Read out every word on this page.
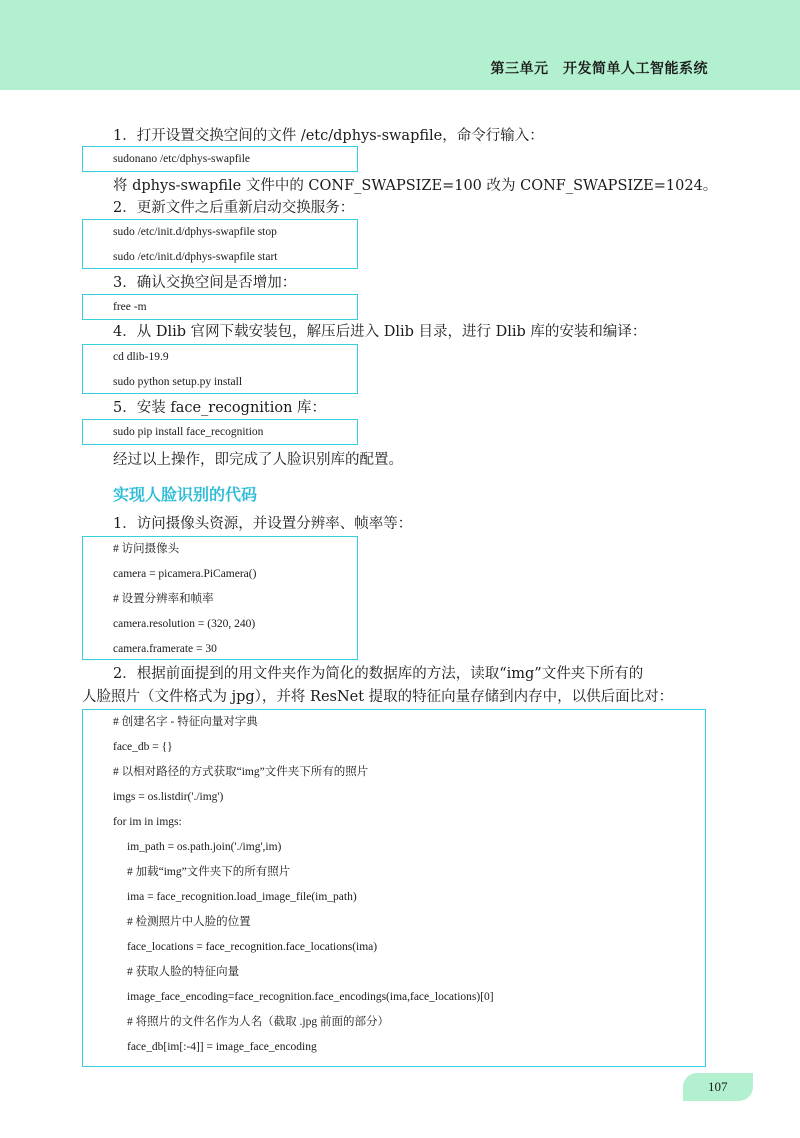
第三单元　开发简单人工智能系统
1．打开设置交换空间的文件 /etc/dphys-swapfile，命令行输入：
sudonano /etc/dphys-swapfile
将 dphys-swapfile 文件中的 CONF_SWAPSIZE=100 改为 CONF_SWAPSIZE=1024。
2．更新文件之后重新启动交换服务：
sudo /etc/init.d/dphys-swapfile stop
sudo /etc/init.d/dphys-swapfile start
3．确认交换空间是否增加：
free -m
4．从 Dlib 官网下载安装包，解压后进入 Dlib 目录，进行 Dlib 库的安装和编译：
cd dlib-19.9
sudo python setup.py install
5．安装 face_recognition 库：
sudo pip install face_recognition
经过以上操作，即完成了人脸识别库的配置。
实现人脸识别的代码
1．访问摄像头资源，并设置分辨率、帧率等：
# 访问摄像头
camera = picamera.PiCamera()
# 设置分辨率和帧率
camera.resolution = (320, 240)
camera.framerate = 30
2．根据前面提到的用文件夹作为简化的数据库的方法，读取“img”文件夹下所有的
人脸照片（文件格式为 jpg），并将 ResNet 提取的特征向量存储到内存中，以供后面比对：
# 创建名字 - 特征向量对字典
face_db = {}
# 以相对路径的方式获取“img”文件夹下所有的照片
imgs = os.listdir('./img')
for im in imgs:
im_path = os.path.join('./img',im)
# 加载“img”文件夹下的所有照片
ima = face_recognition.load_image_file(im_path)
# 检测照片中人脸的位置
face_locations = face_recognition.face_locations(ima)
# 获取人脸的特征向量
image_face_encoding=face_recognition.face_encodings(ima,face_locations)[0]
# 将照片的文件名作为人名（截取 .jpg 前面的部分）
face_db[im[:-4]] = image_face_encoding
107
